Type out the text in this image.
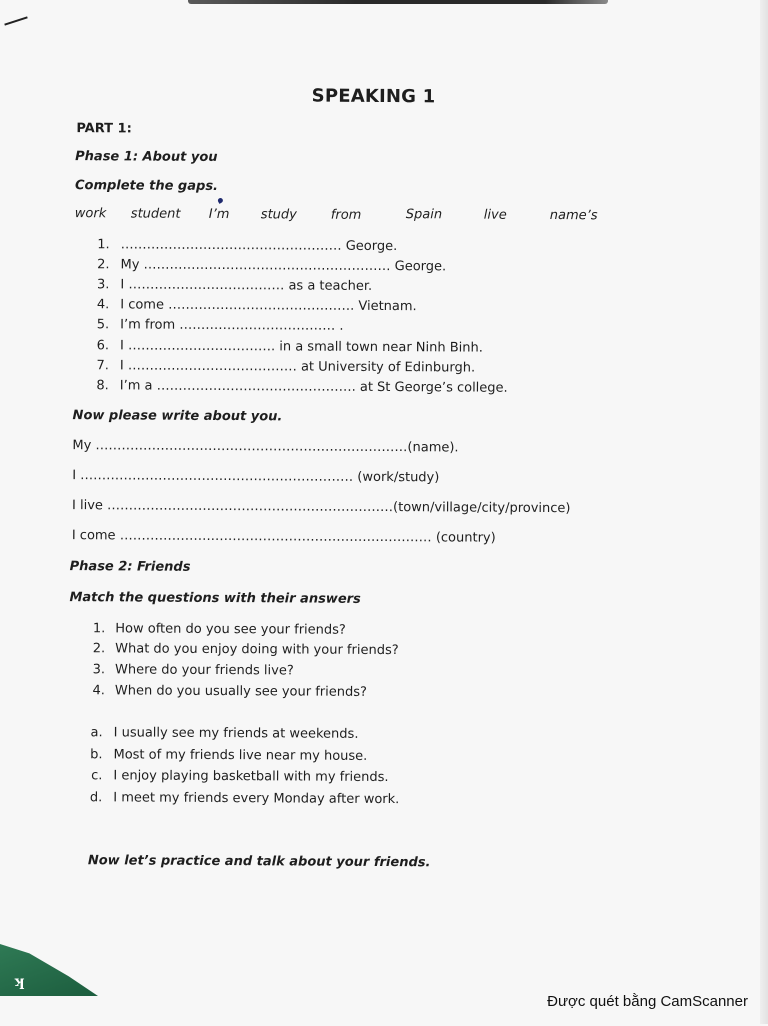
SPEAKING 1
PART 1:
Phase 1: About you
Complete the gaps.
work student I’m study	from	Spain	live	name’s
1. …………………………………………… George.
2. My ………………………………………………… George.
3. I ……………………………… as a teacher.
4. I come ……………………………………. Vietnam.
5. I’m from ……………………………… .
6. I ……………………………. in a small town near Ninh Binh.
7. I ………………………………… at University of Edinburgh.
8. I’m a ………………………………………. at St George’s college.
Now please write about you.
My ………………………………………………………………(name).
I ……………………………………………………… (work/study)
I live …………………………………………………………(town/village/city/province)
I come ……………………………………………………………… (country)
Phase 2: Friends
Match the questions with their answers
1. How often do you see your friends?
2. What do you enjoy doing with your friends?
3. Where do your friends live?
4. When do you usually see your friends?
a. I usually see my friends at weekends.
b. Most of my friends live near my house.
c. I enjoy playing basketball with my friends.
d. I meet my friends every Monday after work.
Now let’s practice and talk about your friends.
ʞ
Được quét bằng CamScanner
